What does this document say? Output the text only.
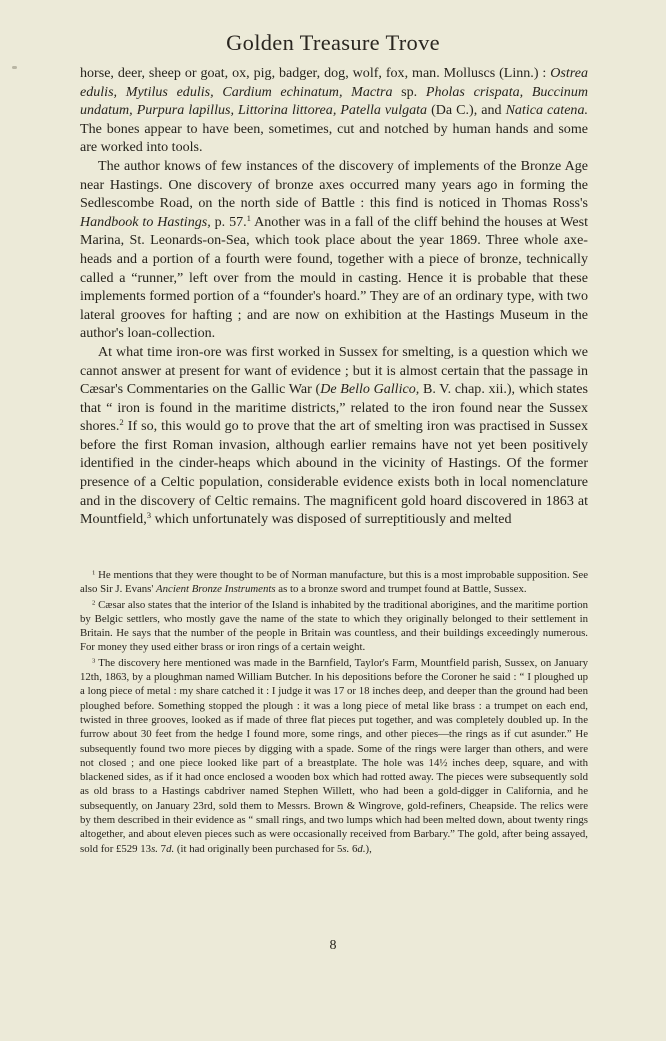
Golden Treasure Trove

horse, deer, sheep or goat, ox, pig, badger, dog, wolf, fox, man. Molluscs (Linn.) : Ostrea edulis, Mytilus edulis, Cardium echinatum, Mactra sp. Pholas crispata, Buccinum undatum, Purpura lapillus, Littorina littorea, Patella vulgata (Da C.), and Natica catena. The bones appear to have been, sometimes, cut and notched by human hands and some are worked into tools.

The author knows of few instances of the discovery of implements of the Bronze Age near Hastings. One discovery of bronze axes occurred many years ago in forming the Sedlescombe Road, on the north side of Battle : this find is noticed in Thomas Ross's Handbook to Hastings, p. 57.$^1$ Another was in a fall of the cliff behind the houses at West Marina, St. Leonards-on-Sea, which took place about the year 1869. Three whole axe-heads and a portion of a fourth were found, together with a piece of bronze, technically called a “runner,” left over from the mould in casting. Hence it is probable that these implements formed portion of a “founder's hoard.” They are of an ordinary type, with two lateral grooves for hafting ; and are now on exhibition at the Hastings Museum in the author's loan-collection.

At what time iron-ore was first worked in Sussex for smelting, is a question which we cannot answer at present for want of evidence ; but it is almost certain that the passage in Cæsar's Commentaries on the Gallic War (De Bello Gallico, B. V. chap. xii.), which states that “ iron is found in the maritime districts,” related to the iron found near the Sussex shores.$^2$ If so, this would go to prove that the art of smelting iron was practised in Sussex before the first Roman invasion, although earlier remains have not yet been positively identified in the cinder-heaps which abound in the vicinity of Hastings. Of the former presence of a Celtic population, considerable evidence exists both in local nomenclature and in the discovery of Celtic remains. The magnificent gold hoard discovered in 1863 at Mountfield,$^3$ which unfortunately was disposed of surreptitiously and melted

$^1$ He mentions that they were thought to be of Norman manufacture, but this is a most improbable supposition. See also Sir J. Evans' Ancient Bronze Instruments as to a bronze sword and trumpet found at Battle, Sussex.

$^2$ Cæsar also states that the interior of the Island is inhabited by the traditional aborigines, and the maritime portion by Belgic settlers, who mostly gave the name of the state to which they originally belonged to their settlement in Britain. He says that the number of the people in Britain was countless, and their buildings exceedingly numerous. For money they used either brass or iron rings of a certain weight.

$^3$ The discovery here mentioned was made in the Barnfield, Taylor's Farm, Mountfield parish, Sussex, on January 12th, 1863, by a ploughman named William Butcher. In his depositions before the Coroner he said : “ I ploughed up a long piece of metal : my share catched it : I judge it was 17 or 18 inches deep, and deeper than the ground had been ploughed before. Something stopped the plough : it was a long piece of metal like brass : a trumpet on each end, twisted in three grooves, looked as if made of three flat pieces put together, and was completely doubled up. In the furrow about 30 feet from the hedge I found more, some rings, and other pieces—the rings as if cut asunder.” He subsequently found two more pieces by digging with a spade. Some of the rings were larger than others, and were not closed ; and one piece looked like part of a breastplate. The hole was 14½ inches deep, square, and with blackened sides, as if it had once enclosed a wooden box which had rotted away. The pieces were subsequently sold as old brass to a Hastings cabdriver named Stephen Willett, who had been a gold-digger in California, and he subsequently, on January 23rd, sold them to Messrs. Brown & Wingrove, gold-refiners, Cheapside. The relics were by them described in their evidence as “ small rings, and two lumps which had been melted down, about twenty rings altogether, and about eleven pieces such as were occasionally received from Barbary.” The gold, after being assayed, sold for £529 13s. 7d. (it had originally been purchased for 5s. 6d.),

8
